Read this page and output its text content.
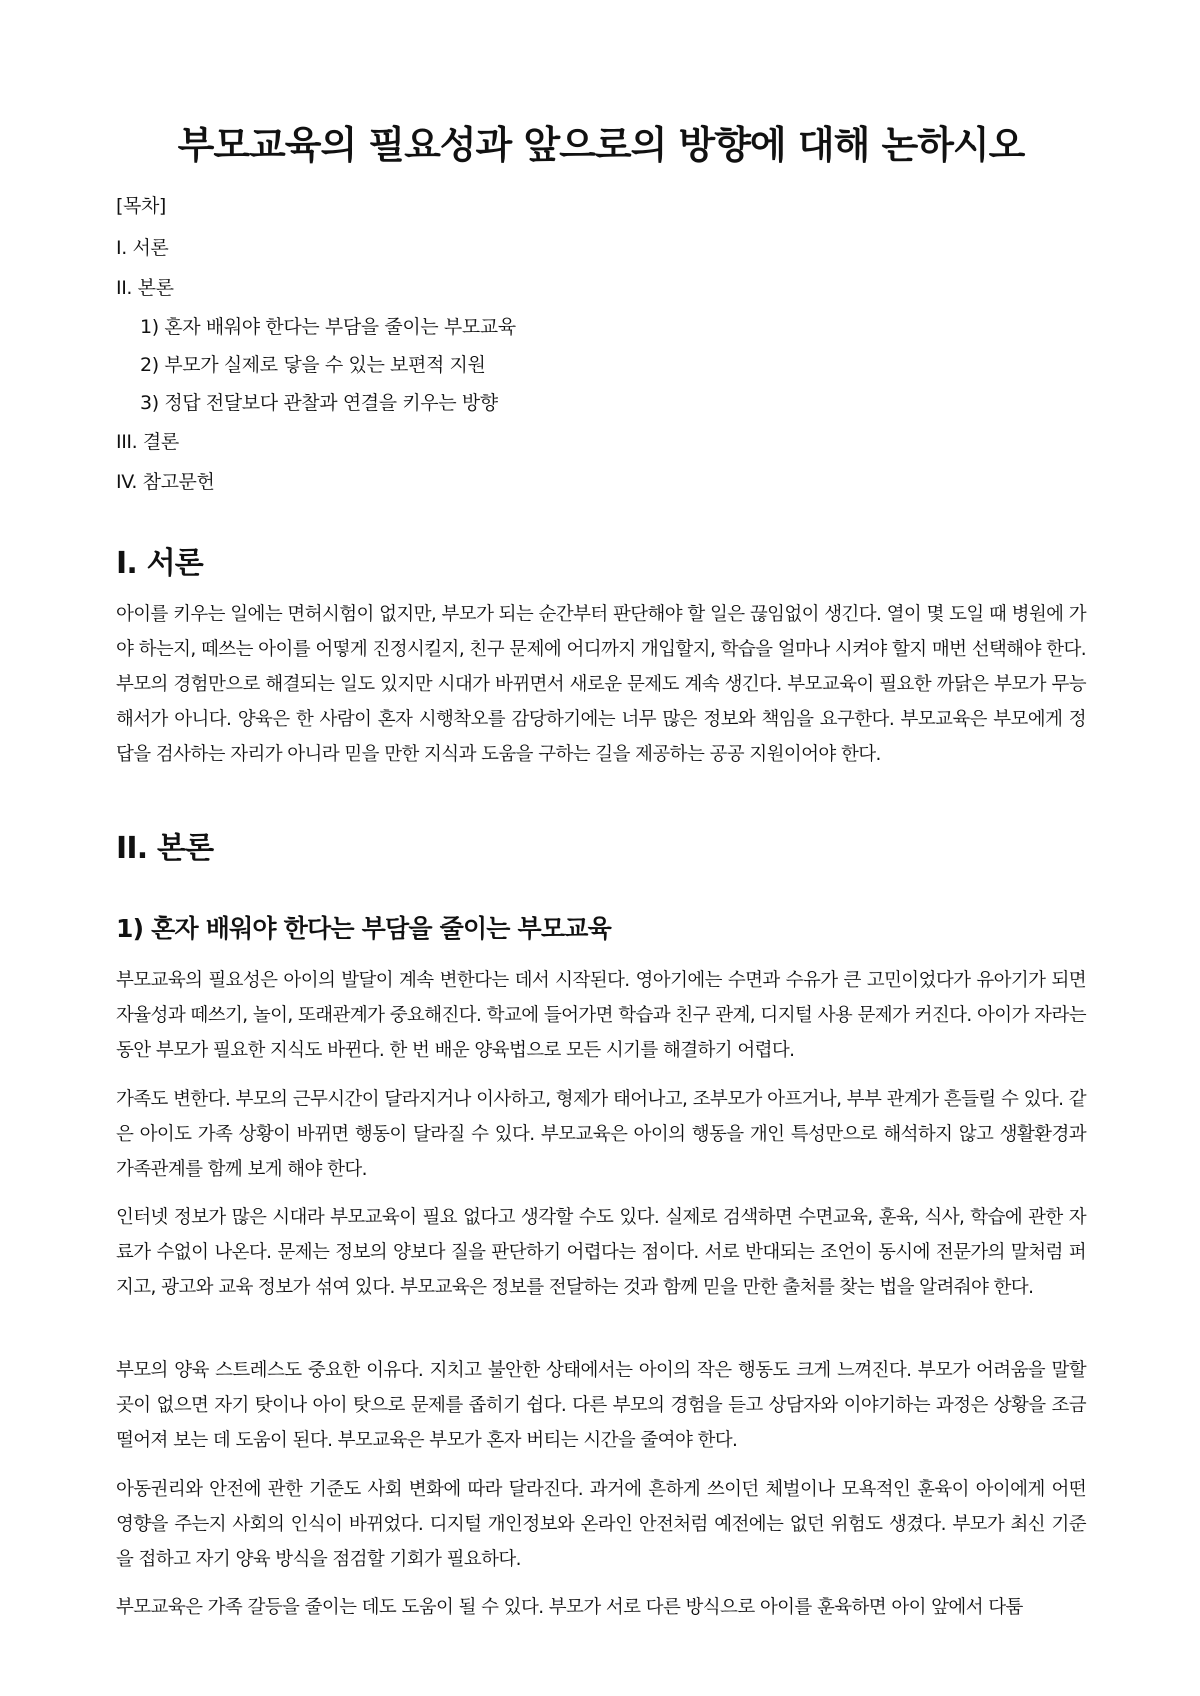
부모교육의 필요성과 앞으로의 방향에 대해 논하시오
[목차]
I. 서론
II. 본론
1) 혼자 배워야 한다는 부담을 줄이는 부모교육
2) 부모가 실제로 닿을 수 있는 보편적 지원
3) 정답 전달보다 관찰과 연결을 키우는 방향
III. 결론
IV. 참고문헌
I. 서론

아이를 키우는 일에는 면허시험이 없지만, 부모가 되는 순간부터 판단해야 할 일은 끊임없이 생긴다. 열이 몇 도일 때 병원에 가야 하는지, 떼쓰는 아이를 어떻게 진정시킬지, 친구 문제에 어디까지 개입할지, 학습을 얼마나 시켜야 할지 매번 선택해야 한다. 부모의 경험만으로 해결되는 일도 있지만 시대가 바뀌면서 새로운 문제도 계속 생긴다. 부모교육이 필요한 까닭은 부모가 무능해서가 아니다. 양육은 한 사람이 혼자 시행착오를 감당하기에는 너무 많은 정보와 책임을 요구한다. 부모교육은 부모에게 정답을 검사하는 자리가 아니라 믿을 만한 지식과 도움을 구하는 길을 제공하는 공공 지원이어야 한다.

II. 본론
1) 혼자 배워야 한다는 부담을 줄이는 부모교육

부모교육의 필요성은 아이의 발달이 계속 변한다는 데서 시작된다. 영아기에는 수면과 수유가 큰 고민이었다가 유아기가 되면 자율성과 떼쓰기, 놀이, 또래관계가 중요해진다. 학교에 들어가면 학습과 친구 관계, 디지털 사용 문제가 커진다. 아이가 자라는 동안 부모가 필요한 지식도 바뀐다. 한 번 배운 양육법으로 모든 시기를 해결하기 어렵다.

가족도 변한다. 부모의 근무시간이 달라지거나 이사하고, 형제가 태어나고, 조부모가 아프거나, 부부 관계가 흔들릴 수 있다. 같은 아이도 가족 상황이 바뀌면 행동이 달라질 수 있다. 부모교육은 아이의 행동을 개인 특성만으로 해석하지 않고 생활환경과 가족관계를 함께 보게 해야 한다.

인터넷 정보가 많은 시대라 부모교육이 필요 없다고 생각할 수도 있다. 실제로 검색하면 수면교육, 훈육, 식사, 학습에 관한 자료가 수없이 나온다. 문제는 정보의 양보다 질을 판단하기 어렵다는 점이다. 서로 반대되는 조언이 동시에 전문가의 말처럼 퍼지고, 광고와 교육 정보가 섞여 있다. 부모교육은 정보를 전달하는 것과 함께 믿을 만한 출처를 찾는 법을 알려줘야 한다.

부모의 양육 스트레스도 중요한 이유다. 지치고 불안한 상태에서는 아이의 작은 행동도 크게 느껴진다. 부모가 어려움을 말할 곳이 없으면 자기 탓이나 아이 탓으로 문제를 좁히기 쉽다. 다른 부모의 경험을 듣고 상담자와 이야기하는 과정은 상황을 조금 떨어져 보는 데 도움이 된다. 부모교육은 부모가 혼자 버티는 시간을 줄여야 한다.

아동권리와 안전에 관한 기준도 사회 변화에 따라 달라진다. 과거에 흔하게 쓰이던 체벌이나 모욕적인 훈육이 아이에게 어떤 영향을 주는지 사회의 인식이 바뀌었다. 디지털 개인정보와 온라인 안전처럼 예전에는 없던 위험도 생겼다. 부모가 최신 기준을 접하고 자기 양육 방식을 점검할 기회가 필요하다.

부모교육은 가족 갈등을 줄이는 데도 도움이 될 수 있다. 부모가 서로 다른 방식으로 아이를 훈육하면 아이 앞에서 다툼
